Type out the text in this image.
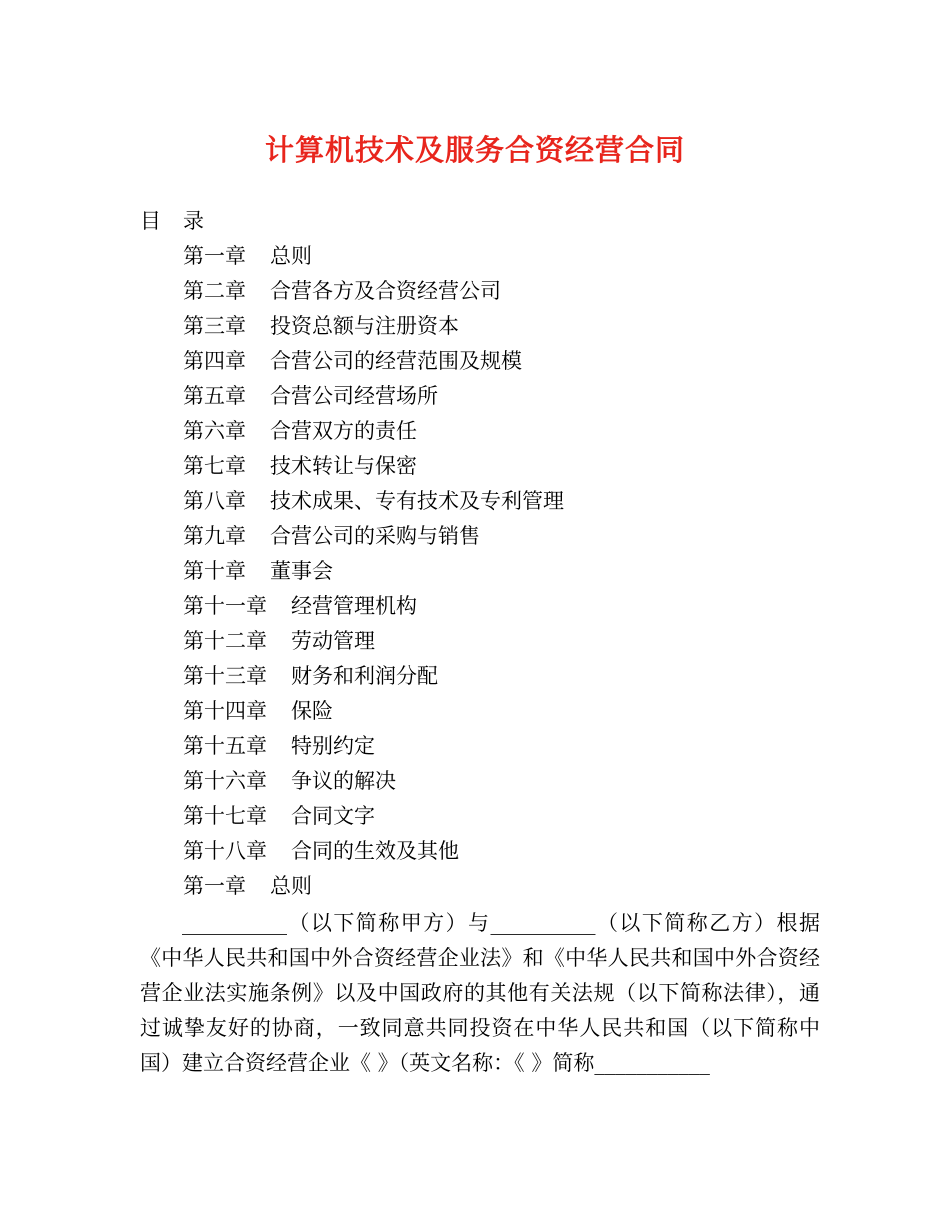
计算机技术及服务合资经营合同
目 录
第一章 总则
第二章 合营各方及合资经营公司
第三章 投资总额与注册资本
第四章 合营公司的经营范围及规模
第五章 合营公司经营场所
第六章 合营双方的责任
第七章 技术转让与保密
第八章 技术成果、专有技术及专利管理
第九章 合营公司的采购与销售
第十章 董事会
第十一章 经营管理机构
第十二章 劳动管理
第十三章 财务和利润分配
第十四章 保险
第十五章 特别约定
第十六章 争议的解决
第十七章 合同文字
第十八章 合同的生效及其他
第一章 总则

__________（以下简称甲方）与__________（以下简称乙方）根据《中华人民共和国中外合资经营企业法》和《中华人民共和国中外合资经营企业法实施条例》以及中国政府的其他有关法规（以下简称法律），通过诚挚友好的协商，一致同意共同投资在中华人民共和国（以下简称中国）建立合资经营企业《 》（英文名称：《 》简称___________
